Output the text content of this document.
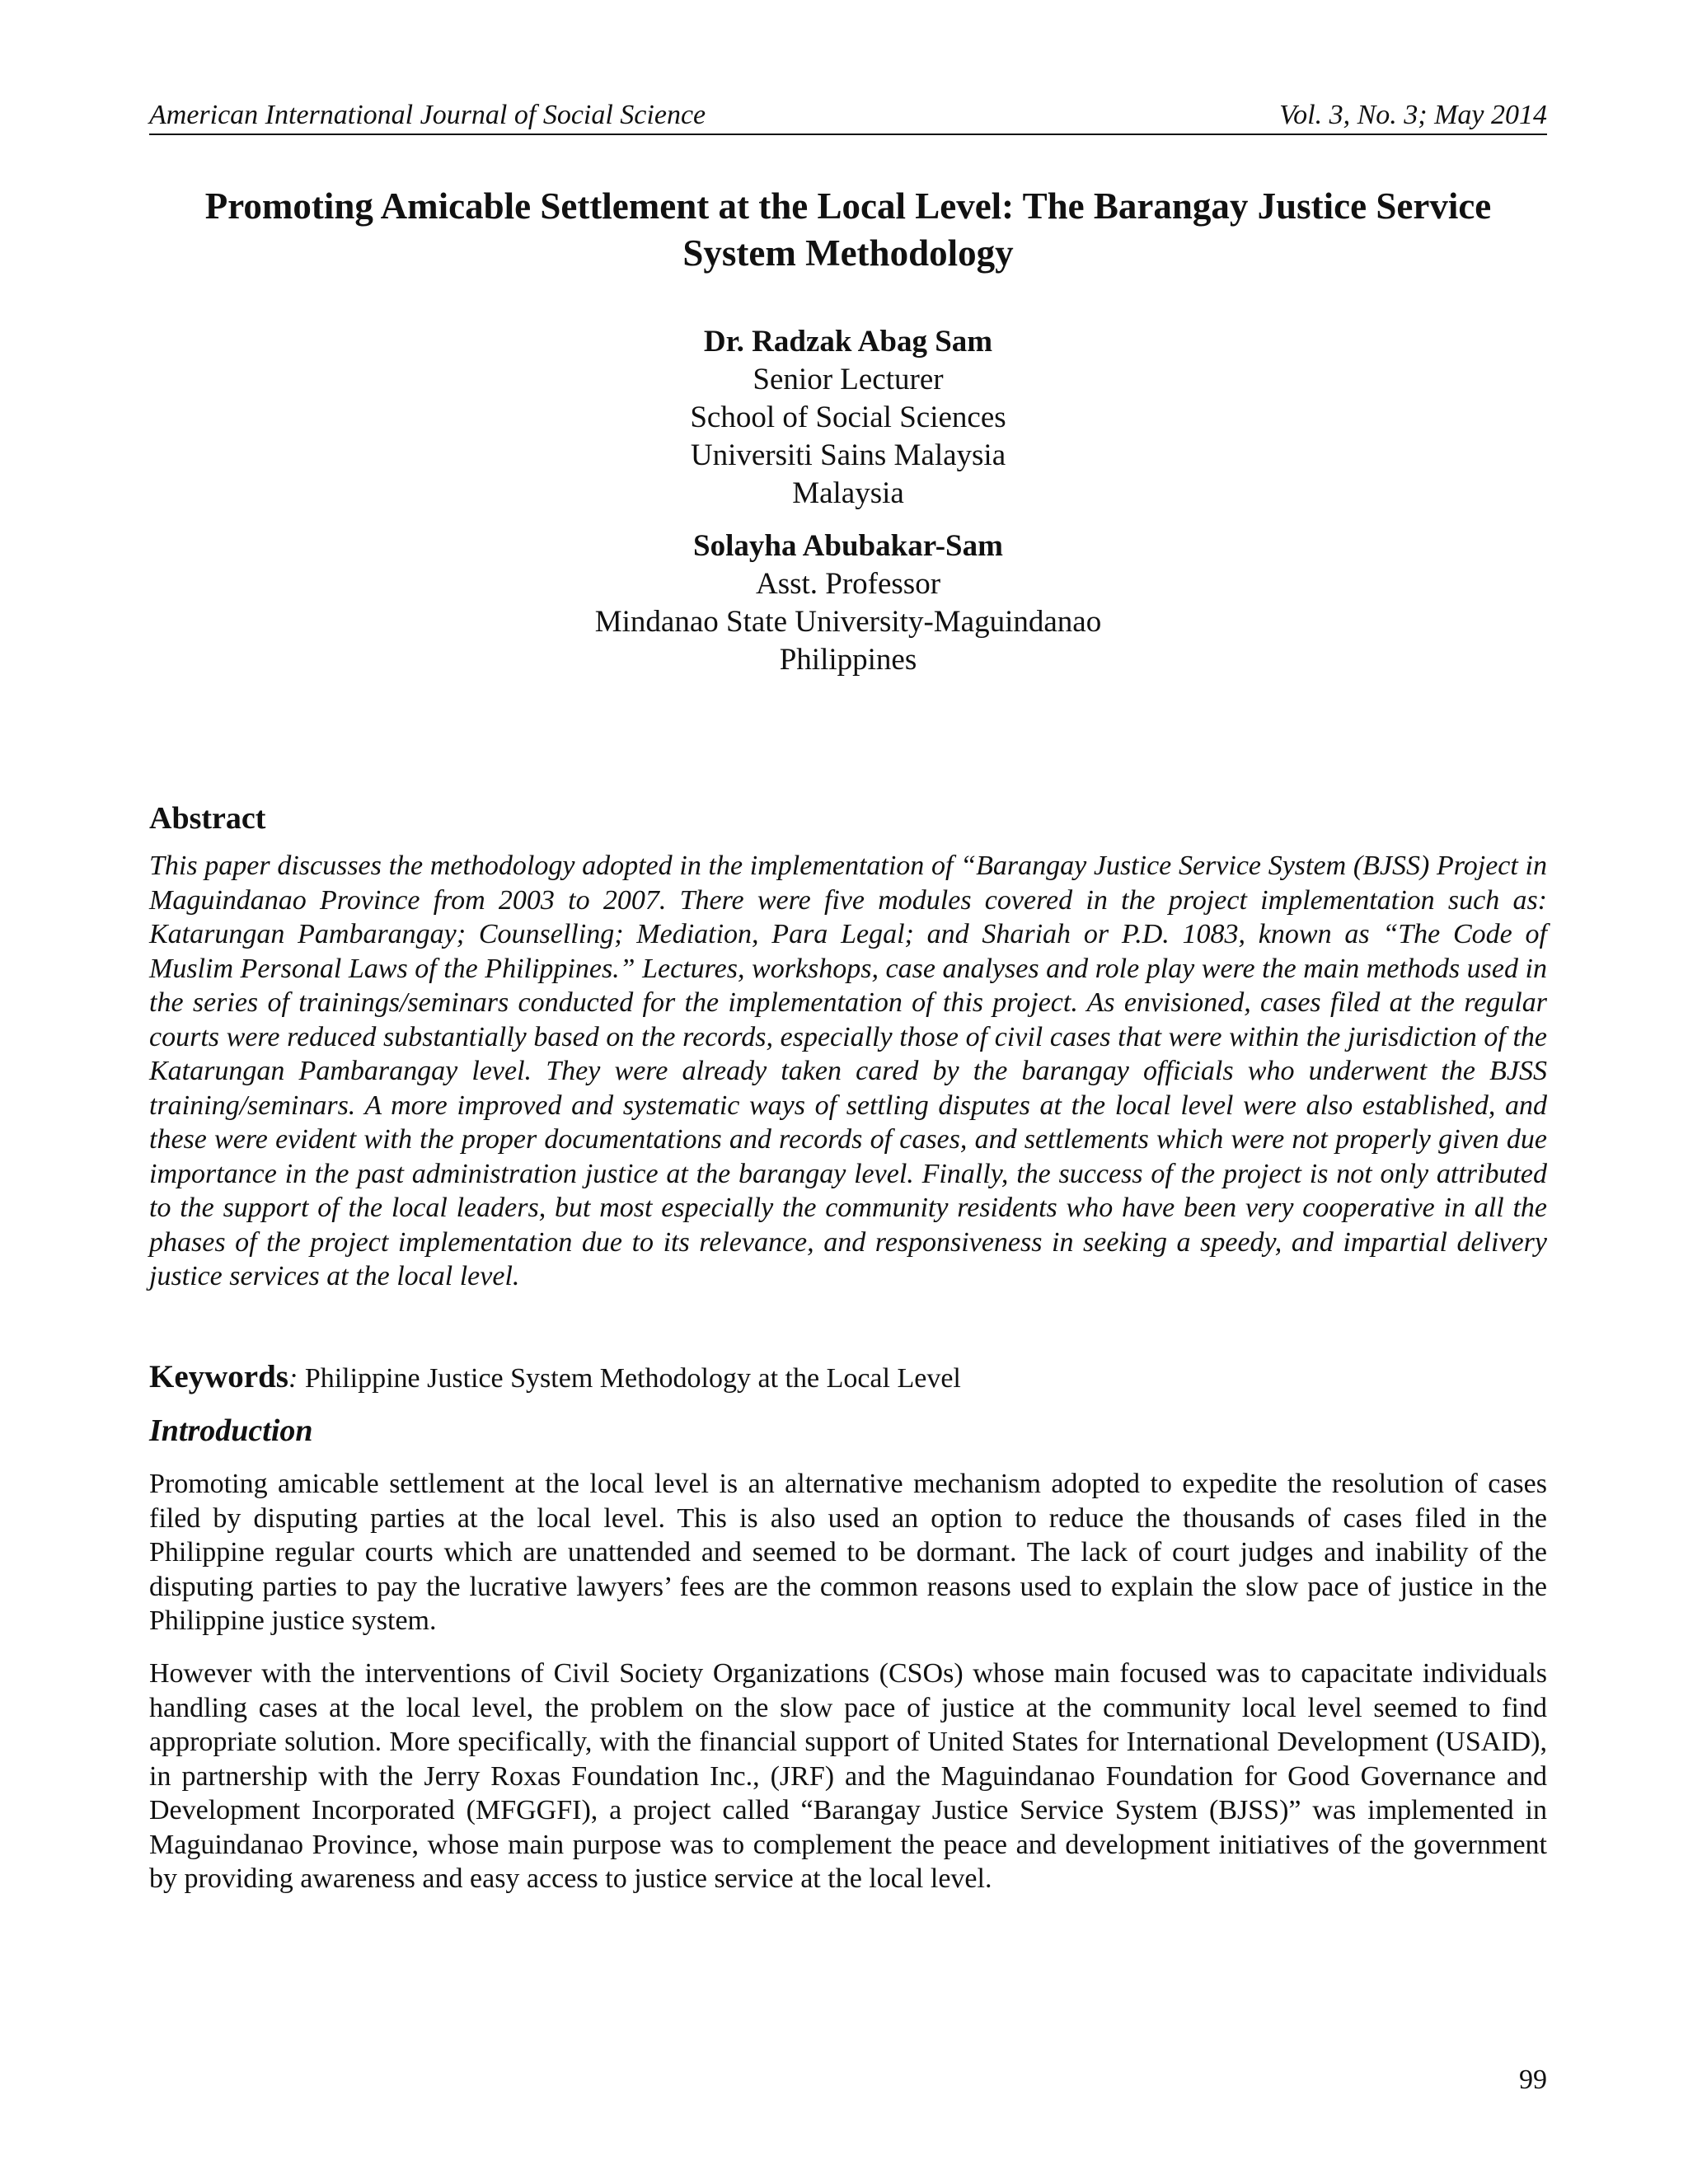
American International Journal of Social Science	Vol. 3, No. 3; May 2014
Promoting Amicable Settlement at the Local Level: The Barangay Justice Service System Methodology
Dr. Radzak Abag Sam
Senior Lecturer
School of Social Sciences
Universiti Sains Malaysia
Malaysia
Solayha Abubakar-Sam
Asst. Professor
Mindanao State University-Maguindanao
Philippines
Abstract
This paper discusses the methodology adopted in the implementation of “Barangay Justice Service System (BJSS) Project in Maguindanao Province from 2003 to 2007. There were five modules covered in the project implementation such as: Katarungan Pambarangay; Counselling; Mediation, Para Legal; and Shariah or P.D. 1083, known as “The Code of Muslim Personal Laws of the Philippines.” Lectures, workshops, case analyses and role play were the main methods used in the series of trainings/seminars conducted for the implementation of this project. As envisioned, cases filed at the regular courts were reduced substantially based on the records, especially those of civil cases that were within the jurisdiction of the Katarungan Pambarangay level. They were already taken cared by the barangay officials who underwent the BJSS training/seminars. A more improved and systematic ways of settling disputes at the local level were also established, and these were evident with the proper documentations and records of cases, and settlements which were not properly given due importance in the past administration justice at the barangay level. Finally, the success of the project is not only attributed to the support of the local leaders, but most especially the community residents who have been very cooperative in all the phases of the project implementation due to its relevance, and responsiveness in seeking a speedy, and impartial delivery justice services at the local level.
Keywords: Philippine Justice System Methodology at the Local Level
Introduction
Promoting amicable settlement at the local level is an alternative mechanism adopted to expedite the resolution of cases filed by disputing parties at the local level. This is also used an option to reduce the thousands of cases filed in the Philippine regular courts which are unattended and seemed to be dormant. The lack of court judges and inability of the disputing parties to pay the lucrative lawyers’ fees are the common reasons used to explain the slow pace of justice in the Philippine justice system.
However with the interventions of Civil Society Organizations (CSOs) whose main focused was to capacitate individuals handling cases at the local level, the problem on the slow pace of justice at the community local level seemed to find appropriate solution. More specifically, with the financial support of United States for International Development (USAID), in partnership with the Jerry Roxas Foundation Inc., (JRF) and the Maguindanao Foundation for Good Governance and Development Incorporated (MFGGFI), a project called “Barangay Justice Service System (BJSS)” was implemented in Maguindanao Province, whose main purpose was to complement the peace and development initiatives of the government by providing awareness and easy access to justice service at the local level.
99
